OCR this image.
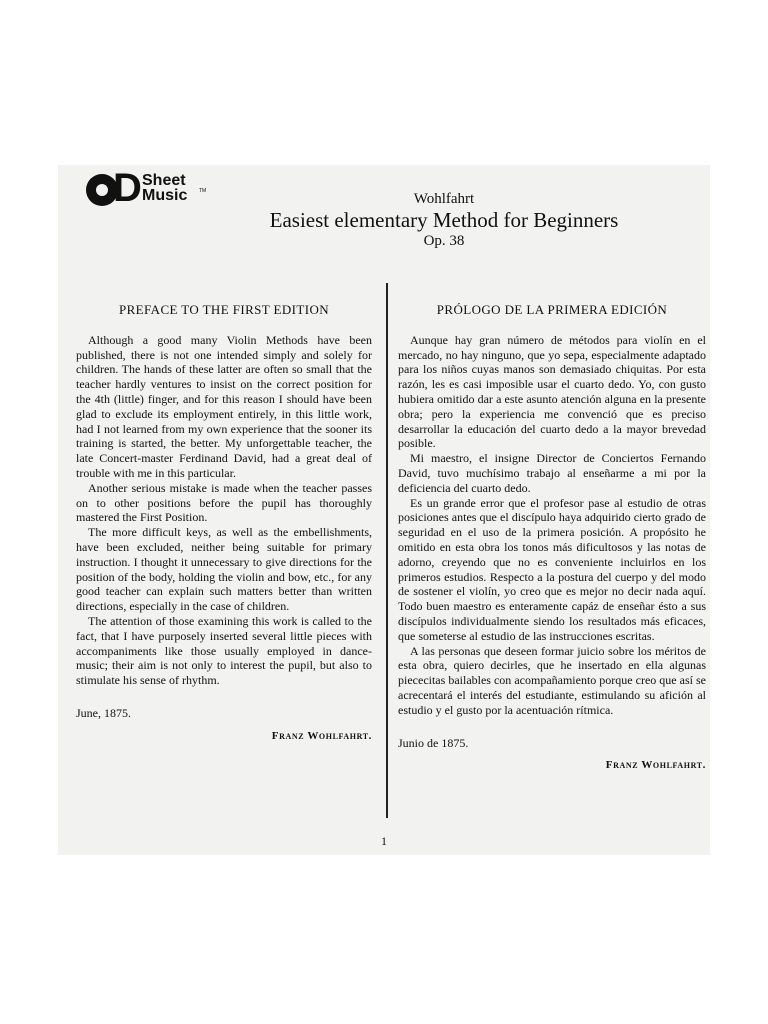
D Sheet
Music TM	Wohlfahrt
Easiest elementary Method for Beginners
Op. 38
PREFACE TO THE FIRST EDITION

Although a good many Violin Methods have been published, there is not one intended simply and solely for children. The hands of these latter are often so small that the teacher hardly ventures to insist on the correct position for the 4th (little) finger, and for this reason I should have been glad to exclude its employment entirely, in this little work, had I not learned from my own experience that the sooner its training is started, the better. My unforgettable teacher, the late Concert-master Ferdinand David, had a great deal of trouble with me in this particular.

Another serious mistake is made when the teacher passes on to other positions before the pupil has thoroughly mastered the First Position.

The more difficult keys, as well as the embellishments, have been excluded, neither being suitable for primary instruction. I thought it unnecessary to give directions for the position of the body, holding the violin and bow, etc., for any good teacher can explain such matters better than written directions, especially in the case of children.

The attention of those examining this work is called to the fact, that I have purposely inserted several little pieces with accompaniments like those usually employed in dance-music; their aim is not only to interest the pupil, but also to stimulate his sense of rhythm.

June, 1875.

Franz Wohlfahrt.

PRÓLOGO DE LA PRIMERA EDICIÓN

Aunque hay gran número de métodos para violín en el mercado, no hay ninguno, que yo sepa, especialmente adaptado para los niños cuyas manos son demasiado chiquitas. Por esta razón, les es casi imposible usar el cuarto dedo. Yo, con gusto hubiera omitido dar a este asunto atención alguna en la presente obra; pero la experiencia me convenció que es preciso desarrollar la educación del cuarto dedo a la mayor brevedad posible.

Mi maestro, el insigne Director de Conciertos Fernando David, tuvo muchísimo trabajo al enseñarme a mi por la deficiencia del cuarto dedo.

Es un grande error que el profesor pase al estudio de otras posiciones antes que el discípulo haya adquirido cierto grado de seguridad en el uso de la primera posición. A propósito he omitido en esta obra los tonos más dificultosos y las notas de adorno, creyendo que no es conveniente incluirlos en los primeros estudios. Respecto a la postura del cuerpo y del modo de sostener el violín, yo creo que es mejor no decir nada aquí. Todo buen maestro es enteramente capáz de enseñar ésto a sus discípulos individualmente siendo los resultados más eficaces, que someterse al estudio de las instrucciones escritas.

A las personas que deseen formar juicio sobre los méritos de esta obra, quiero decirles, que he insertado en ella algunas piececitas bailables con acompañamiento porque creo que así se acrecentará el interés del estudiante, estimulando su afición al estudio y el gusto por la acentuación rítmica.

Junio de 1875.

Franz Wohlfahrt.

1
